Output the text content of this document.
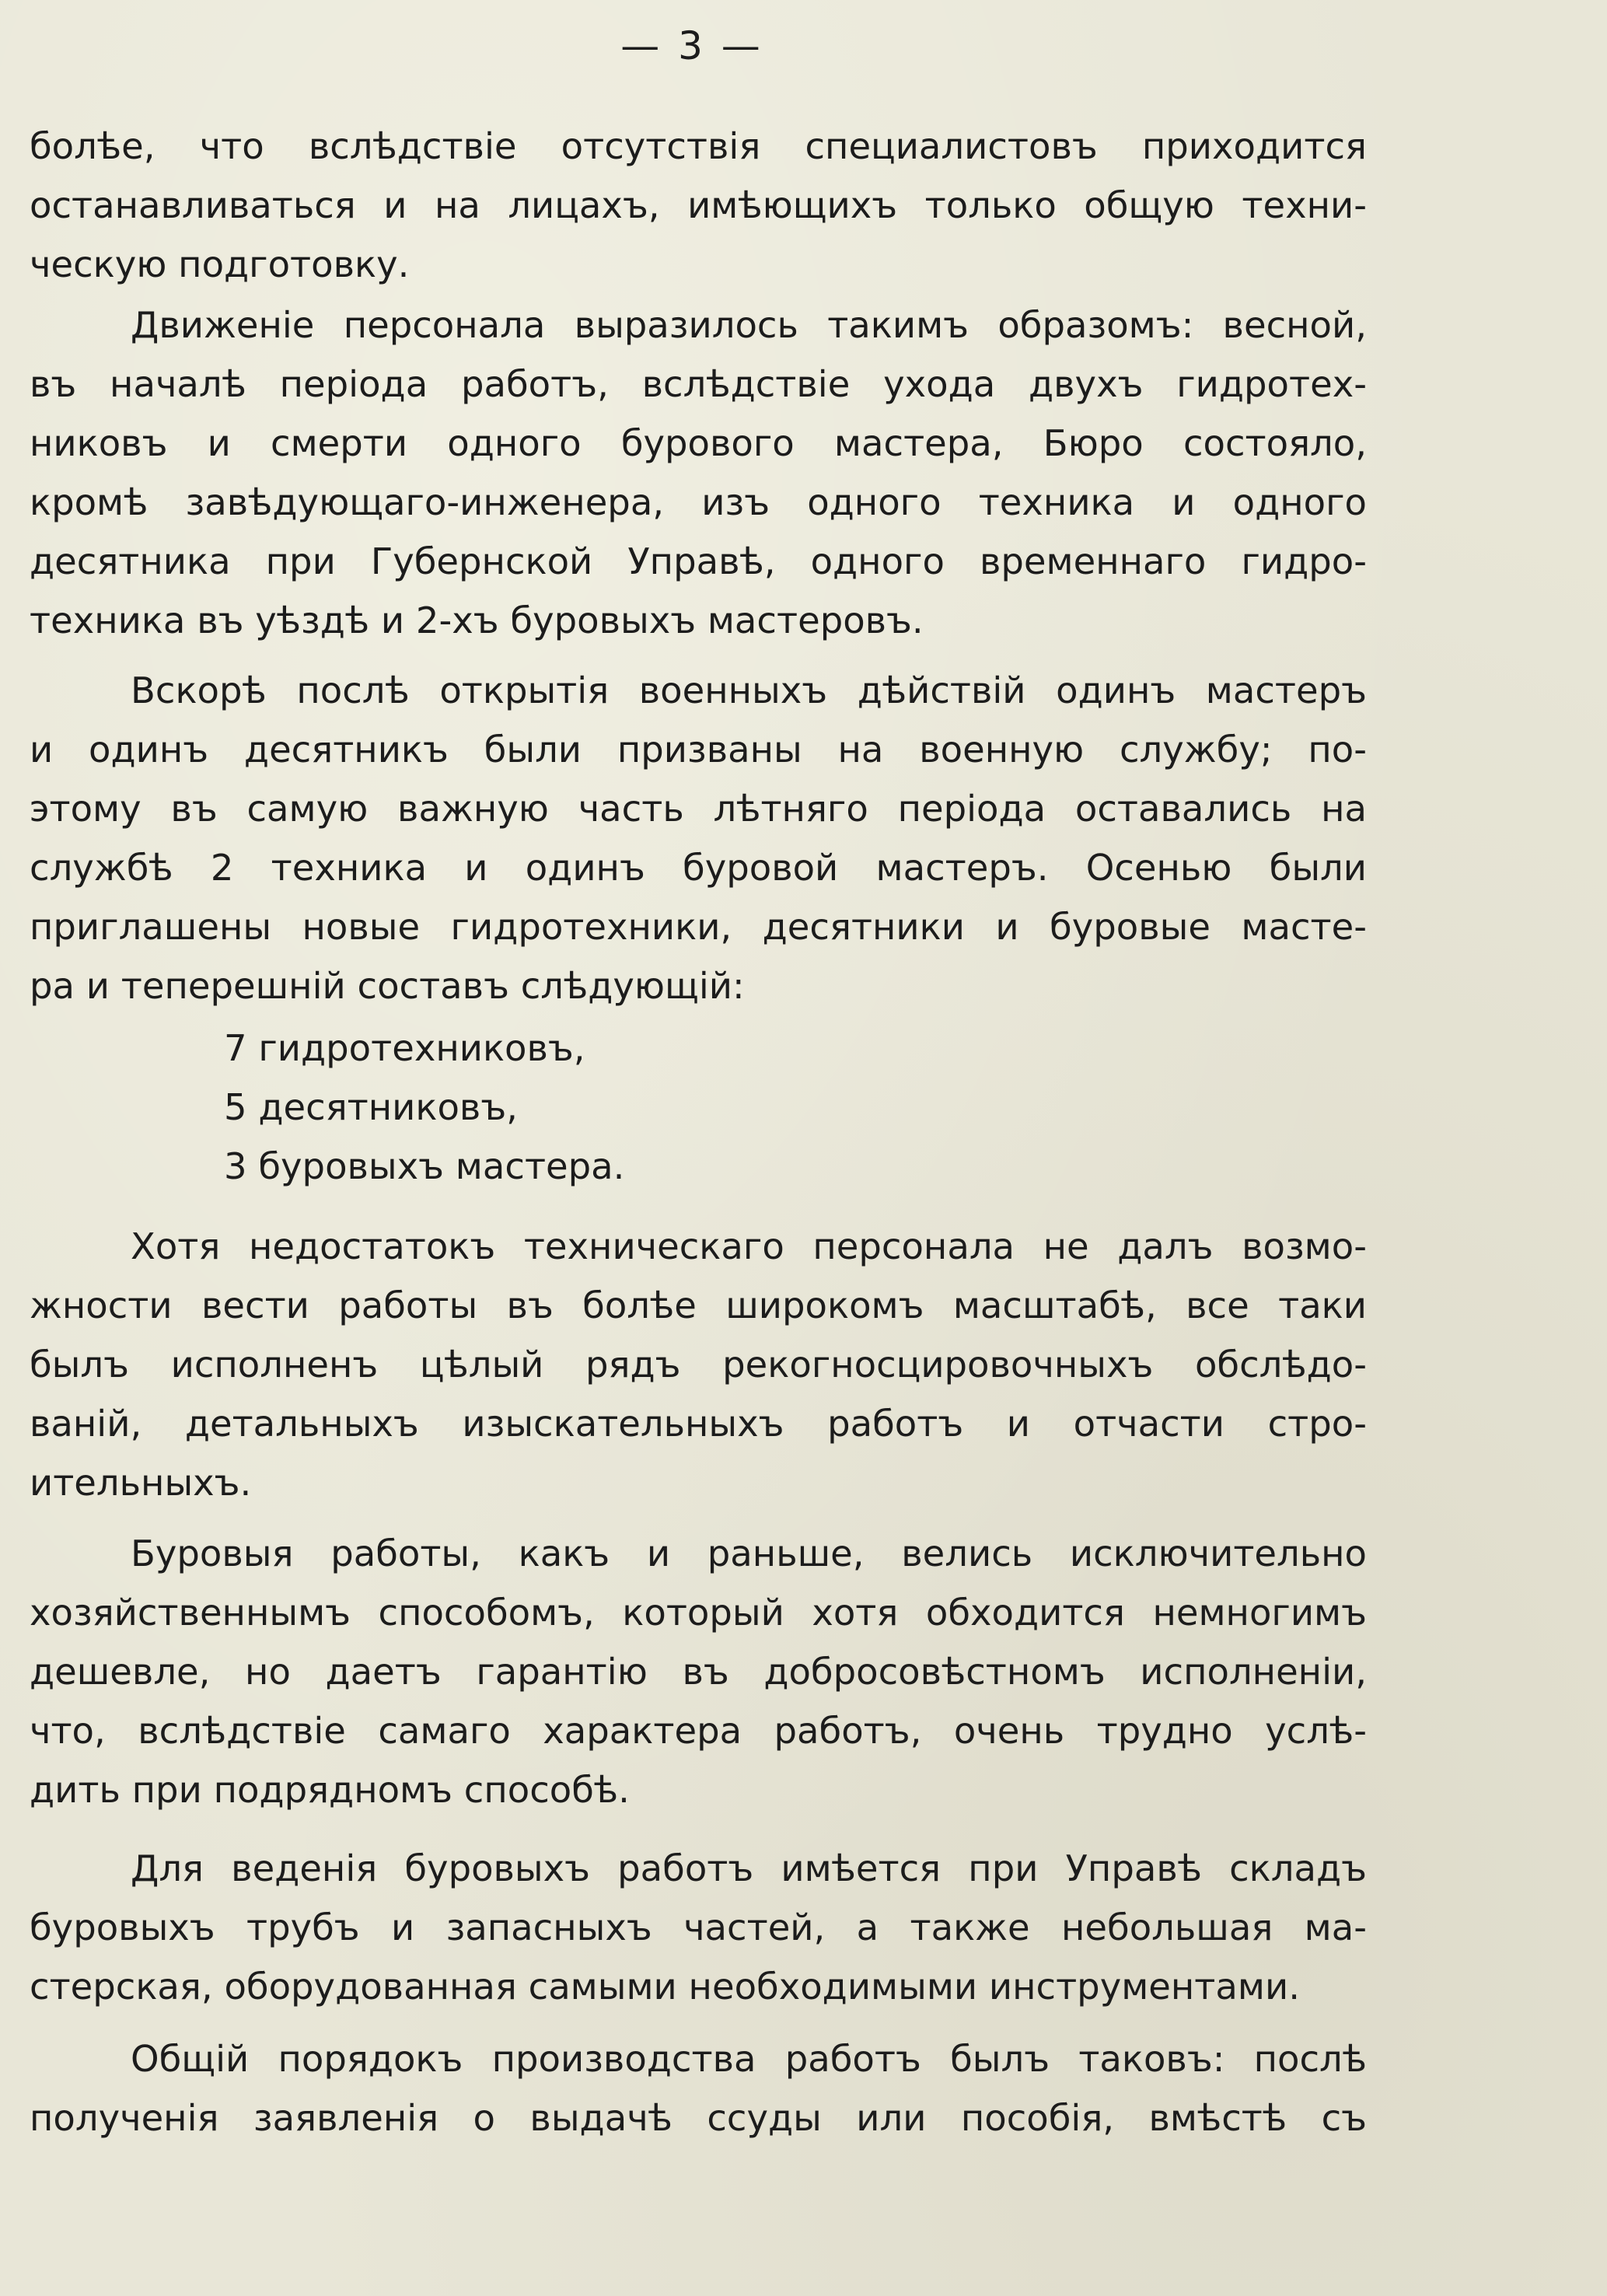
— 3 —
болѣе, что вслѣдствіе отсутствія специалистовъ приходится
останавливаться и на лицахъ, имѣющихъ только общую техни-
ческую подготовку.
Движеніе персонала выразилось такимъ образомъ: весной,
въ началѣ періода работъ, вслѣдствіе ухода двухъ гидротех-
никовъ и смерти одного бурового мастера, Бюро состояло,
кромѣ завѣдующаго-инженера, изъ одного техника и одного
десятника при Губернской Управѣ, одного временнаго гидро-
техника въ уѣздѣ и 2-хъ буровыхъ мастеровъ.
Вскорѣ послѣ открытія военныхъ дѣйствій одинъ мастеръ
и одинъ десятникъ были призваны на военную службу; по-
этому въ самую важную часть лѣтняго періода оставались на
службѣ 2 техника и одинъ буровой мастеръ. Осенью были
приглашены новые гидротехники, десятники и буровые масте-
ра и теперешній составъ слѣдующій:
7 гидротехниковъ,
5 десятниковъ,
3 буровыхъ мастера.
Хотя недостатокъ техническаго персонала не далъ возмо-
жности вести работы въ болѣе широкомъ масштабѣ, все таки
былъ исполненъ цѣлый рядъ рекогносцировочныхъ обслѣдо-
ваній, детальныхъ изыскательныхъ работъ и отчасти стро-
ительныхъ.
Буровыя работы, какъ и раньше, велись исключительно
хозяйственнымъ способомъ, который хотя обходится немногимъ
дешевле, но даетъ гарантію въ добросовѣстномъ исполненіи,
что, вслѣдствіе самаго характера работъ, очень трудно услѣ-
дить при подрядномъ способѣ.
Для веденія буровыхъ работъ имѣется при Управѣ складъ
буровыхъ трубъ и запасныхъ частей, а также небольшая ма-
стерская, оборудованная самыми необходимыми инструментами.
Общій порядокъ производства работъ былъ таковъ: послѣ
полученія заявленія о выдачѣ ссуды или пособія, вмѣстѣ съ
